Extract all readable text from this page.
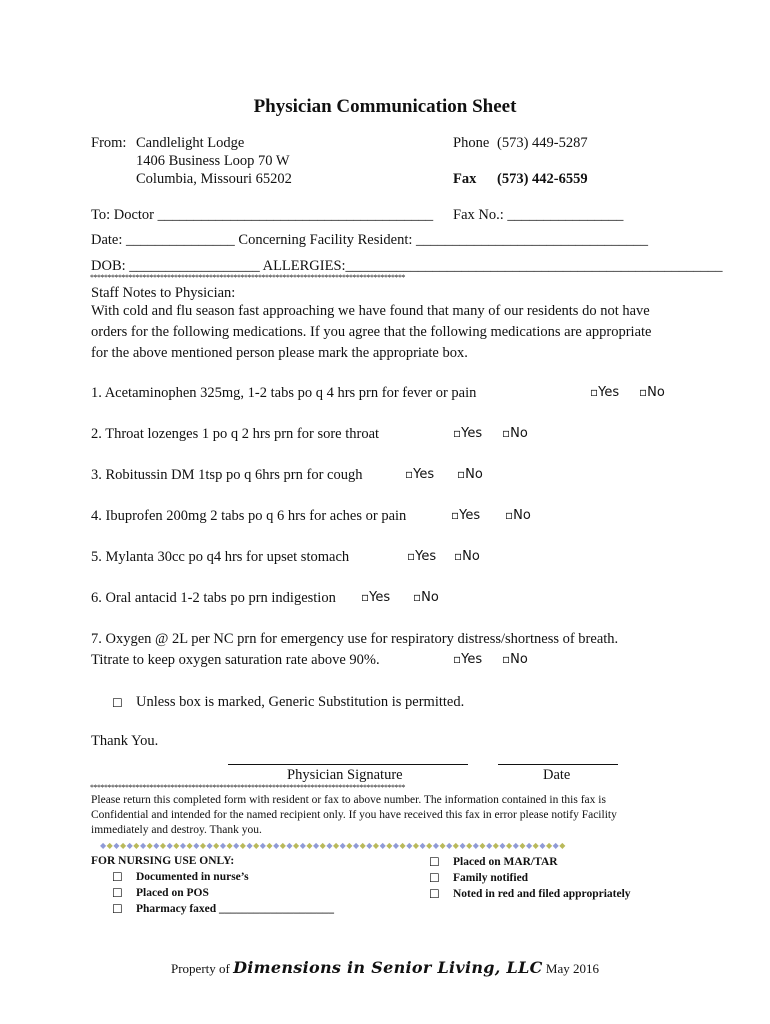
Physician Communication Sheet
From: Candlelight Lodge
1406 Business Loop 70 W
Columbia, Missouri 65202
Phone (573) 449-5287
Fax (573) 442-6559
To: Doctor ______________________________________ Fax No.: ________________
Date: _______________ Concerning Facility Resident: ________________________________
DOB: __________________ ALLERGIES:____________________________________________________
******************************************************************************************
Staff Notes to Physician:
With cold and flu season fast approaching we have found that many of our residents do not have
orders for the following medications. If you agree that the following medications are appropriate
for the above mentioned person please mark the appropriate box.
1. Acetaminophen 325mg, 1-2 tabs po q 4 hrs prn for fever or pain	▫Yes ▫No
2. Throat lozenges 1 po q 2 hrs prn for sore throat	▫Yes ▫No
3. Robitussin DM 1tsp po q 6hrs prn for cough	▫Yes ▫No
4. Ibuprofen 200mg 2 tabs po q 6 hrs for aches or pain	▫Yes ▫No
5. Mylanta 30cc po q4 hrs for upset stomach	▫Yes ▫No
6. Oral antacid 1-2 tabs po prn indigestion ▫Yes ▫No
7. Oxygen @ 2L per NC prn for emergency use for respiratory distress/shortness of breath.
Titrate to keep oxygen saturation rate above 90%.	▫Yes ▫No
☐ Unless box is marked, Generic Substitution is permitted.
Thank You.
Physician Signature	Date
******************************************************************************************
Please return this completed form with resident or fax to above number. The information contained in this fax is
Confidential and intended for the named recipient only. If you have received this fax in error please notify Facility
immediately and destroy. Thank you.
◆◆◆◆◆◆◆◆◆◆◆◆◆◆◆◆◆◆◆◆◆◆◆◆◆◆◆◆◆◆◆◆◆◆◆◆◆◆◆◆◆◆◆◆◆◆◆◆◆◆◆◆◆◆◆◆◆◆◆◆◆◆◆◆◆◆◆◆◆◆
FOR NURSING USE ONLY:
☐ Documented in nurse’s
☐ Placed on POS
☐ Pharmacy faxed ____________________
☐ Placed on MAR/TAR
☐ Family notified
☐ Noted in red and filed appropriately
Property of Dimensions in Senior Living, LLC May 2016
